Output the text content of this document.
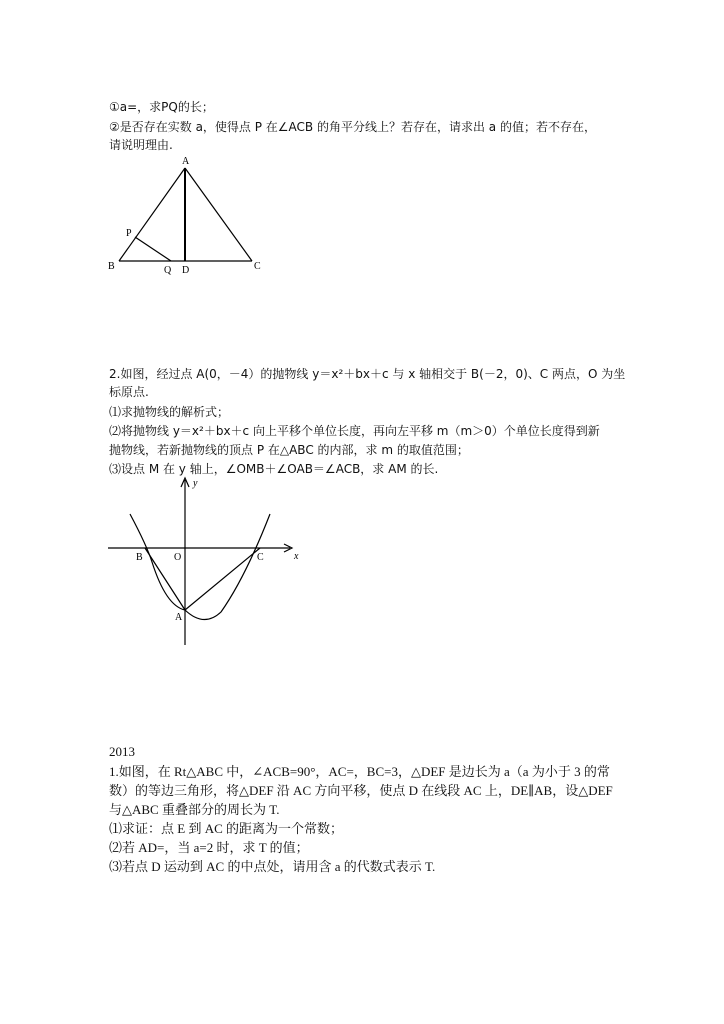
①a=，求PQ的长；
②是否存在实数 a，使得点 P 在∠ACB 的角平分线上？若存在，请求出 a 的值；若不存在，
请说明理由.
A
B	C
D
P
Q
2.如图，经过点 A(0，－4）的抛物线 y＝x²＋bx＋c 与 x 轴相交于 B(－2，0)、C 两点，O 为坐
标原点.
⑴求抛物线的解析式；
⑵将抛物线 y＝x²＋bx＋c 向上平移个单位长度，再向左平移 m（m＞0）个单位长度得到新
抛物线，若新抛物线的顶点 P 在△ABC 的内部，求 m 的取值范围；
⑶设点 M 在 y 轴上，∠OMB＋∠OAB＝∠ACB，求 AM 的长.
y
x
B	O	C
A
2013
1.如图，在 Rt△ABC 中，∠ACB=90°，AC=，BC=3，△DEF 是边长为 a（a 为小于 3 的常
数）的等边三角形，将△DEF 沿 AC 方向平移，使点 D 在线段 AC 上，DE∥AB，设△DEF
与△ABC 重叠部分的周长为 T.
⑴求证：点 E 到 AC 的距离为一个常数；
⑵若 AD=，当 a=2 时，求 T 的值；
⑶若点 D 运动到 AC 的中点处，请用含 a 的代数式表示 T.
